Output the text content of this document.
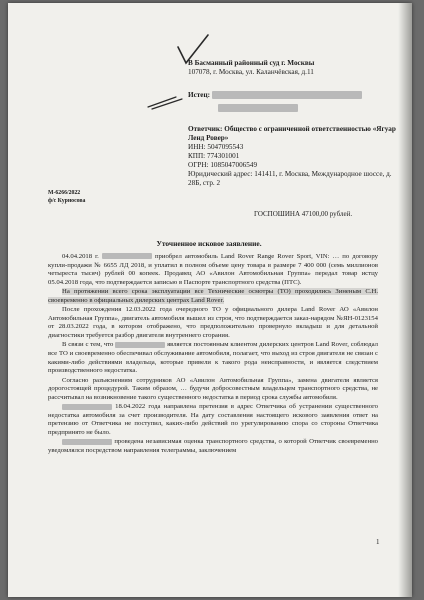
В Басманный районный суд г. Москвы
107078, г. Москва, ул. Каланчёвская, д.11
Истец:
Ответчик: Общество с ограниченной ответственностью «Ягуар Ленд Ровер»
ИНН: 5047095543
КПП: 774301001
ОГРН: 1085047006549
Юридический адрес: 141411, г. Москва, Международное шоссе, д. 28Б, стр. 2
М-6266/2022
ф/с Курносова
ГОСПОШИНА 47100,00 рублей.
Уточненное исковое заявление.

04.04.2018 г.	приобрел автомобиль Land Rover Range Rover Sport, VIN: … по договору купли-продажи № 6655 ЛД 2018, и уплатил в полном объеме цену товара в размере 7 400 000 (семь миллионов четыреста тысяч) рублей 00 копеек. Продавец АО «Авилон Автомобильная Группа» передал товар истцу 05.04.2018 года, что подтверждается записью в Паспорте транспортного средства (ПТС).

На протяжении всего срока эксплуатации все Технические осмотры (ТО) проходились Зиненым С.Н. своевременно в официальных дилерских центрах Land Rover.

После прохождения 12.03.2022 года очередного ТО у официального дилера Land Rover АО «Авилон Автомобильная Группа», двигатель автомобиля вышел из строя, что подтверждается заказ-нарядом №ЯН-0123154 от 28.03.2022 года, в котором отображено, что предположительно провернуло вкладыш и для детальной диагностики требуется разбор двигателя внутреннего сгорания.

В связи с тем, что	является постоянным клиентом дилерских центров Land Rover, соблюдал все ТО и своевременно обеспечивал обслуживание автомобиля, полагает, что выход из строя двигателя не связан с какими-либо действиями владельца, которые привели к такого рода неисправности, и является следствием производственного недостатка.

Согласно разъяснениям сотрудников АО «Авилон Автомобильная Группа», замена двигателя является дорогостоящей процедурой. Таким образом, … будучи добросовестным владельцем транспортного средства, не рассчитывал на возникновение такого существенного недостатка в период срока службы автомобиля.

18.04.2022 года направлена претензия в адрес Ответчика об устранении существенного недостатка автомобиля за счет производителя. На дату составления настоящего искового заявления ответ на претензию от Ответчика не поступил, каких-либо действий по урегулированию спора со стороны Ответчика предпринято не было.

проведена независимая оценка транспортного средства, о которой Ответчик своевременно уведомлялся посредством направления телеграммы, заключением

1
